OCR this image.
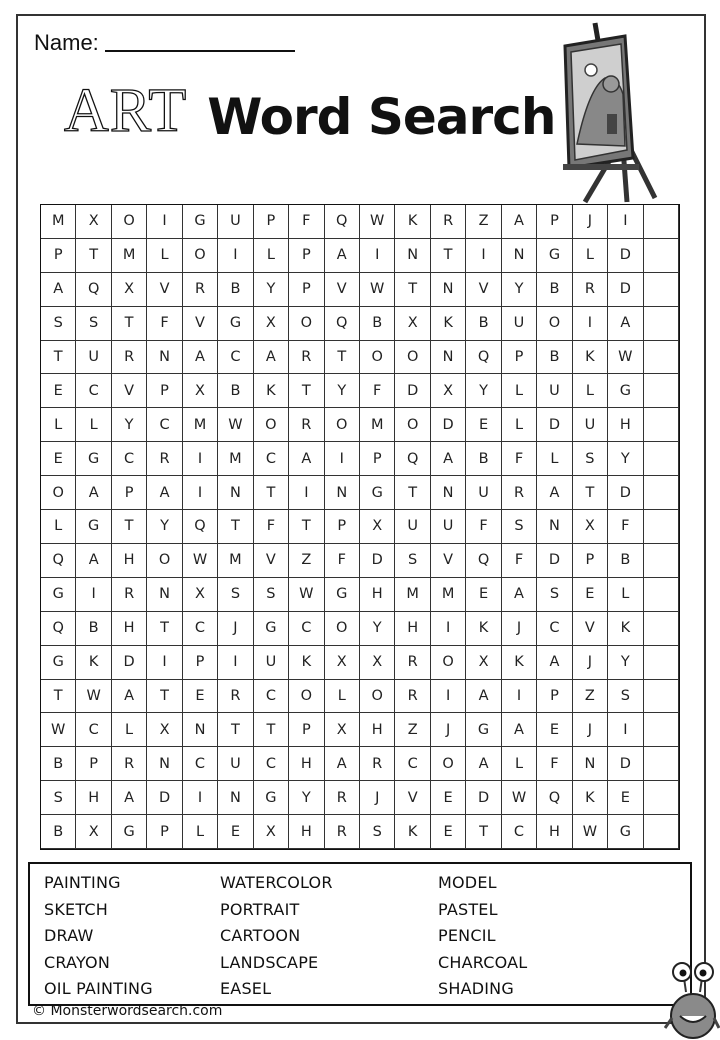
Name:
ART Word Search
M	X	O	I	G	U	P	F	Q	W	K	R	Z	A	P	J	I
P	T	M	L	O	I	L	P	A	I	N	T	I	N	G	L	D
A	Q	X	V	R	B	Y	P	V	W	T	N	V	Y	B	R	D
S	S	T	F	V	G	X	O	Q	B	X	K	B	U	O	I	A
T	U	R	N	A	C	A	R	T	O	O	N	Q	P	B	K	W
E	C	V	P	X	B	K	T	Y	F	D	X	Y	L	U	L	G
L	L	Y	C	M	W	O	R	O	M	O	D	E	L	D	U	H
E	G	C	R	I	M	C	A	I	P	Q	A	B	F	L	S	Y
O	A	P	A	I	N	T	I	N	G	T	N	U	R	A	T	D
L	G	T	Y	Q	T	F	T	P	X	U	U	F	S	N	X	F
Q	A	H	O	W	M	V	Z	F	D	S	V	Q	F	D	P	B
G	I	R	N	X	S	S	W	G	H	M	M	E	A	S	E	L
Q	B	H	T	C	J	G	C	O	Y	H	I	K	J	C	V	K
G	K	D	I	P	I	U	K	X	X	R	O	X	K	A	J	Y
T	W	A	T	E	R	C	O	L	O	R	I	A	I	P	Z	S
W	C	L	X	N	T	T	P	X	H	Z	J	G	A	E	J	I
B	P	R	N	C	U	C	H	A	R	C	O	A	L	F	N	D
S	H	A	D	I	N	G	Y	R	J	V	E	D	W	Q	K	E
B	X	G	P	L	E	X	H	R	S	K	E	T	C	H	W	G
PAINTING
SKETCH
DRAW
CRAYON
OIL PAINTING
WATERCOLOR
PORTRAIT
CARTOON
LANDSCAPE
EASEL
MODEL
PASTEL
PENCIL
CHARCOAL
SHADING
© Monsterwordsearch.com
